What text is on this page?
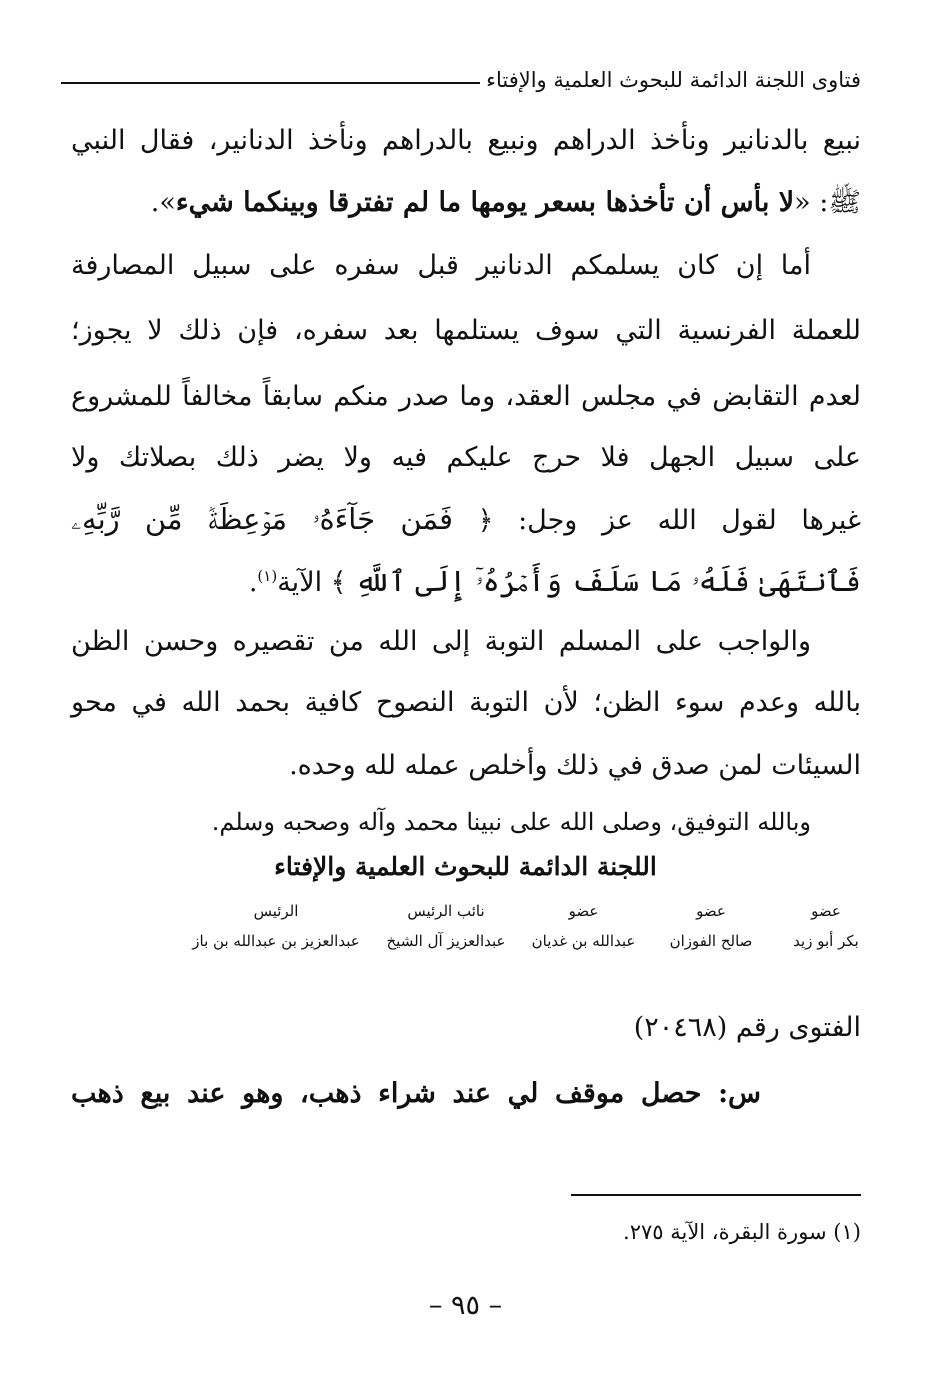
فتاوى اللجنة الدائمة للبحوث العلمية والإفتاء
نبيع بالدنانير ونأخذ الدراهم ونبيع بالدراهم ونأخذ الدنانير، فقال النبي
ﷺ: «لا بأس أن تأخذها بسعر يومها ما لم تفترقا وبينكما شيء».
أما إن كان يسلمكم الدنانير قبل سفره على سبيل المصارفة
للعملة الفرنسية التي سوف يستلمها بعد سفره، فإن ذلك لا يجوز؛
لعدم التقابض في مجلس العقد، وما صدر منكم سابقاً مخالفاً للمشروع
على سبيل الجهل فلا حرج عليكم فيه ولا يضر ذلك بصلاتك ولا
غيرها لقول الله عز وجل: ﴿ فَمَن جَآءَهُۥ مَوۡعِظَةٞ مِّن رَّبِّهِۦ
فَٱنتَهَىٰ فَلَهُۥ مَا سَلَفَ وَأَمۡرُهُۥٓ إِلَى ٱللَّهِ ﴾ الآية$^{(١)}$.
والواجب على المسلم التوبة إلى الله من تقصيره وحسن الظن
بالله وعدم سوء الظن؛ لأن التوبة النصوح كافية بحمد الله في محو
السيئات لمن صدق في ذلك وأخلص عمله لله وحده.
وبالله التوفيق، وصلى الله على نبينا محمد وآله وصحبه وسلم.
اللجنة الدائمة للبحوث العلمية والإفتاء
عضو
بكر أبو زيد
عضو
صالح الفوزان
عضو
عبدالله بن غديان
نائب الرئيس
عبدالعزيز آل الشيخ
الرئيس
عبدالعزيز بن عبدالله بن باز
الفتوى رقم (٢٠٤٦٨)
س: حصل موقف لي عند شراء ذهب، وهو عند بيع ذهب
(١) سورة البقرة، الآية ٢٧٥.
– ٩٥ –
